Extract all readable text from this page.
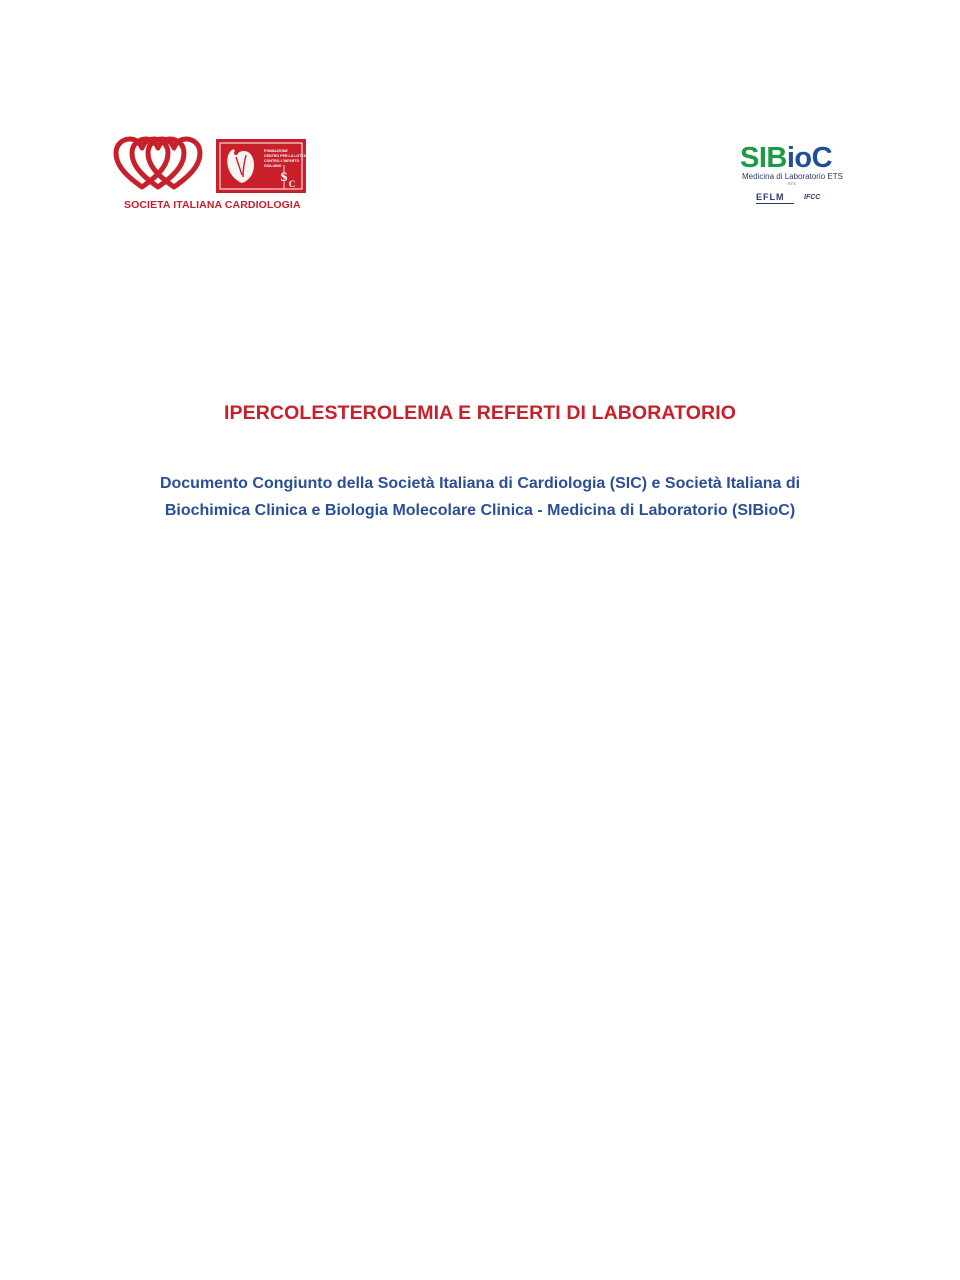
S C
FONDAZIONE
CENTRO PER LA LOTTA
CONTRO L'INFARTO
GIULIANO
SOCIETA ITALIANA CARDIOLOGIA
SIBioC
Medicina di Laboratorio ETS
ETS
EFLM	IFCC
IPERCOLESTEROLEMIA E REFERTI DI LABORATORIO
Documento Congiunto della Società Italiana di Cardiologia (SIC) e Società Italiana di
Biochimica Clinica e Biologia Molecolare Clinica - Medicina di Laboratorio (SIBioC)
